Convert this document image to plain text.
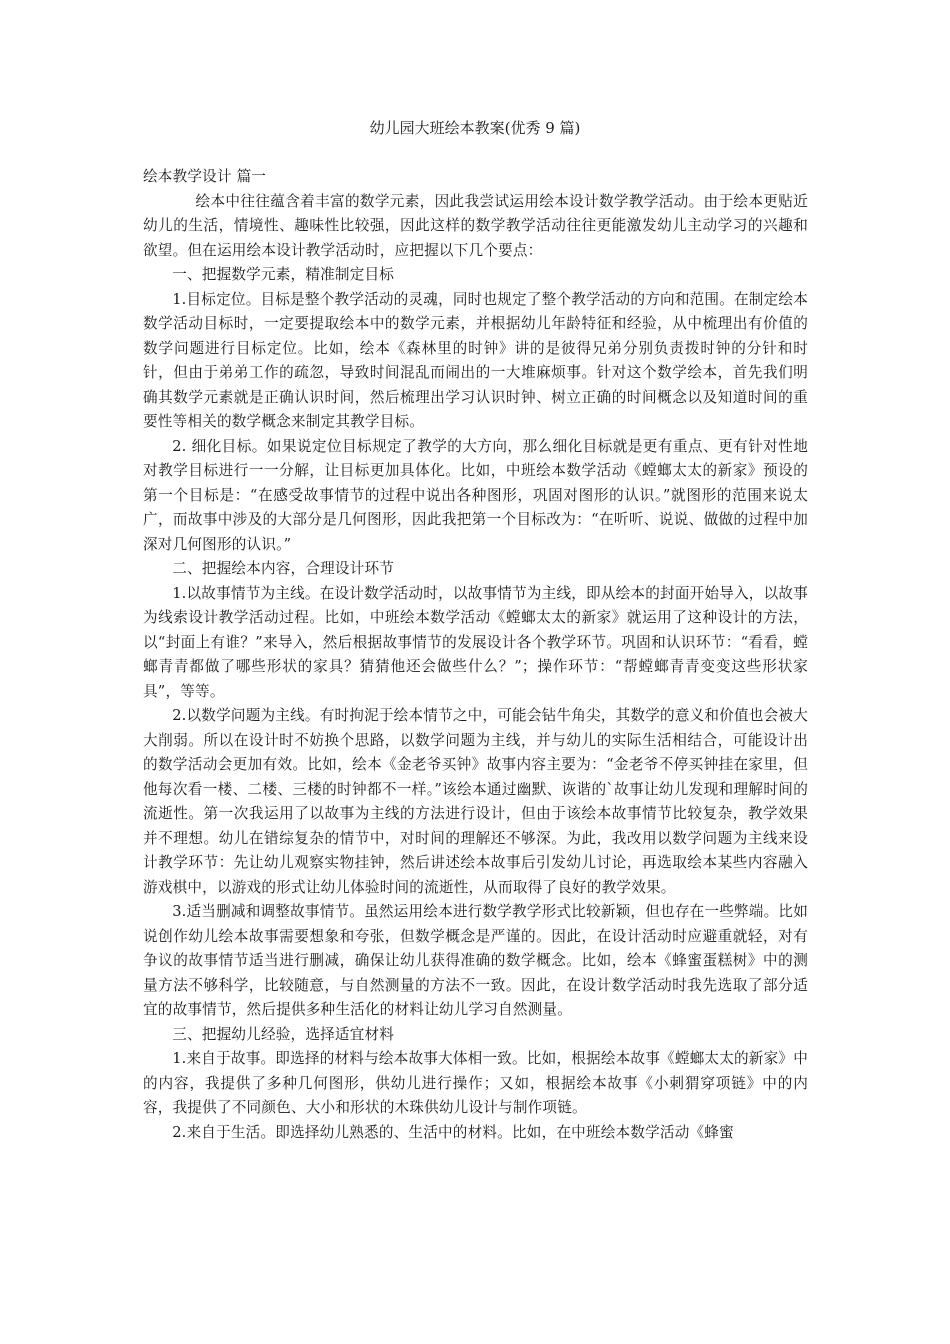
幼儿园大班绘本教案(优秀 9 篇)

绘本教学设计 篇一

绘本中往往蕴含着丰富的数学元素，因此我尝试运用绘本设计数学教学活动。由于绘本更贴近幼儿的生活，情境性、趣味性比较强，因此这样的数学教学活动往往更能激发幼儿主动学习的兴趣和欲望。但在运用绘本设计教学活动时，应把握以下几个要点：

一、把握数学元素，精准制定目标

1.目标定位。目标是整个教学活动的灵魂，同时也规定了整个教学活动的方向和范围。在制定绘本数学活动目标时，一定要提取绘本中的数学元素，并根据幼儿年龄特征和经验，从中梳理出有价值的数学问题进行目标定位。比如，绘本《森林里的时钟》讲的是彼得兄弟分别负责拨时钟的分针和时针，但由于弟弟工作的疏忽，导致时间混乱而闹出的一大堆麻烦事。针对这个数学绘本，首先我们明确其数学元素就是正确认识时间，然后梳理出学习认识时钟、树立正确的时间概念以及知道时间的重要性等相关的数学概念来制定其教学目标。

2. 细化目标。如果说定位目标规定了教学的大方向，那么细化目标就是更有重点、更有针对性地对教学目标进行一一分解，让目标更加具体化。比如，中班绘本数学活动《螳螂太太的新家》预设的第一个目标是：“在感受故事情节的过程中说出各种图形，巩固对图形的认识。”就图形的范围来说太广，而故事中涉及的大部分是几何图形，因此我把第一个目标改为：“在听听、说说、做做的过程中加深对几何图形的认识。”

二、把握绘本内容，合理设计环节

1.以故事情节为主线。在设计数学活动时，以故事情节为主线，即从绘本的封面开始导入，以故事为线索设计教学活动过程。比如，中班绘本数学活动《螳螂太太的新家》就运用了这种设计的方法，以“封面上有谁？”来导入，然后根据故事情节的发展设计各个教学环节。巩固和认识环节：“看看，螳螂青青都做了哪些形状的家具？猜猜他还会做些什么？”；操作环节：“帮螳螂青青变变这些形状家具”，等等。

2.以数学问题为主线。有时拘泥于绘本情节之中，可能会钻牛角尖，其数学的意义和价值也会被大大削弱。所以在设计时不妨换个思路，以数学问题为主线，并与幼儿的实际生活相结合，可能设计出的数学活动会更加有效。比如，绘本《金老爷买钟》故事内容主要为：“金老爷不停买钟挂在家里，但他每次看一楼、二楼、三楼的时钟都不一样。”该绘本通过幽默、诙谐的`故事让幼儿发现和理解时间的流逝性。第一次我运用了以故事为主线的方法进行设计，但由于该绘本故事情节比较复杂，教学效果并不理想。幼儿在错综复杂的情节中，对时间的理解还不够深。为此，我改用以数学问题为主线来设计教学环节：先让幼儿观察实物挂钟，然后讲述绘本故事后引发幼儿讨论，再选取绘本某些内容融入游戏棋中，以游戏的形式让幼儿体验时间的流逝性，从而取得了良好的教学效果。

3.适当删减和调整故事情节。虽然运用绘本进行数学教学形式比较新颖，但也存在一些弊端。比如说创作幼儿绘本故事需要想象和夸张，但数学概念是严谨的。因此，在设计活动时应避重就轻，对有争议的故事情节适当进行删减，确保让幼儿获得准确的数学概念。比如，绘本《蜂蜜蛋糕树》中的测量方法不够科学，比较随意，与自然测量的方法不一致。因此，在设计数学活动时我先选取了部分适宜的故事情节，然后提供多种生活化的材料让幼儿学习自然测量。

三、把握幼儿经验，选择适宜材料

1.来自于故事。即选择的材料与绘本故事大体相一致。比如，根据绘本故事《螳螂太太的新家》中的内容，我提供了多种几何图形，供幼儿进行操作；又如，根据绘本故事《小刺猬穿项链》中的内容，我提供了不同颜色、大小和形状的木珠供幼儿设计与制作项链。

2.来自于生活。即选择幼儿熟悉的、生活中的材料。比如，在中班绘本数学活动《蜂蜜
